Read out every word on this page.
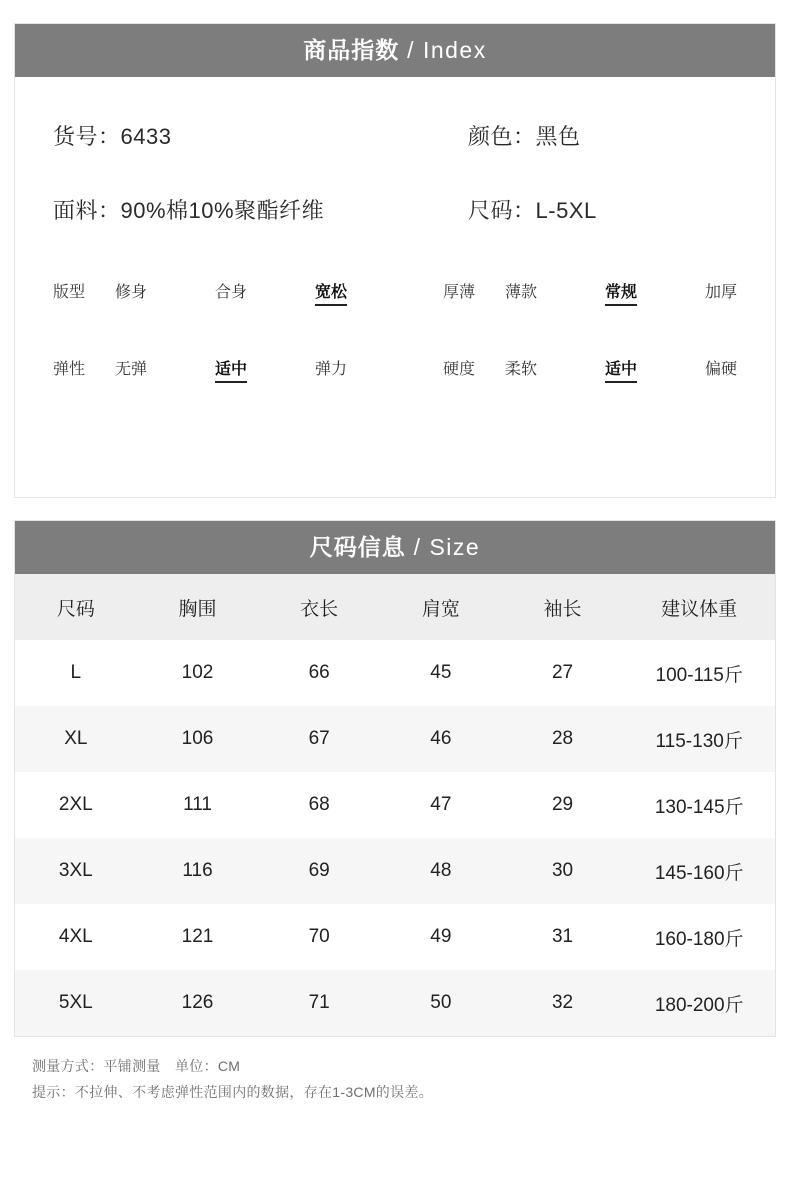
商品指数 / Index
货号：6433	颜色：黑色
面料：90%棉10%聚酯纤维	尺码：L-5XL
版型	修身	合身	宽松	厚薄	薄款	常规	加厚
弹性	无弹	适中	弹力	硬度	柔软	适中	偏硬
尺码信息 / Size
尺码	胸围	衣长	肩宽	袖长	建议体重
L	102	66	45	27	100-115斤
XL	106	67	46	28	115-130斤
2XL	111	68	47	29	130-145斤
3XL	116	69	48	30	145-160斤
4XL	121	70	49	31	160-180斤
5XL	126	71	50	32	180-200斤
测量方式：平铺测量　单位：CM
提示：不拉伸、不考虑弹性范围内的数据，存在1-3CM的误差。
